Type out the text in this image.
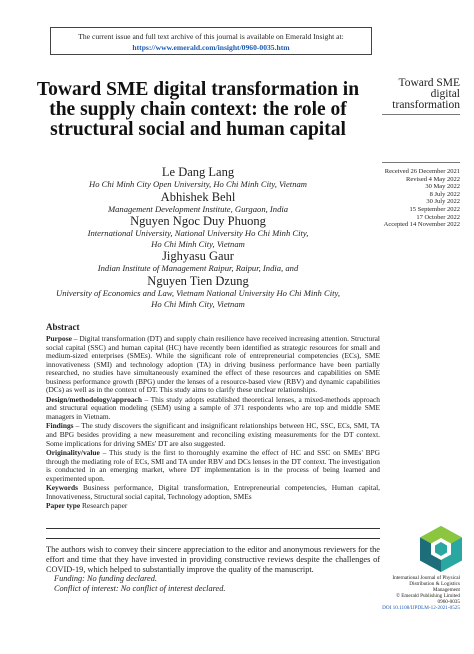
The current issue and full text archive of this journal is available on Emerald Insight at:
https://www.emerald.com/insight/0960-0035.htm
Toward SME digital transformation in the supply chain context: the role of structural social and human capital
Le Dang Lang
Ho Chi Minh City Open University, Ho Chi Minh City, Vietnam
Abhishek Behl
Management Development Institute, Gurgaon, India
Nguyen Ngoc Duy Phuong
International University, National University Ho Chi Minh City,
Ho Chi Minh City, Vietnam
Jighyasu Gaur
Indian Institute of Management Raipur, Raipur, India, and
Nguyen Tien Dzung
University of Economics and Law, Vietnam National University Ho Chi Minh City,
Ho Chi Minh City, Vietnam
Toward SME
digital
transformation
Received 26 December 2021
Revised 4 May 2022
30 May 2022
8 July 2022
30 July 2022
15 September 2022
17 October 2022
Accepted 14 November 2022
Abstract

Purpose – Digital transformation (DT) and supply chain resilience have received increasing attention. Structural social capital (SSC) and human capital (HC) have recently been identified as strategic resources for small and medium-sized enterprises (SMEs). While the significant role of entrepreneurial competencies (ECs), SME innovativeness (SMI) and technology adoption (TA) in driving business performance have been partially researched, no studies have simultaneously examined the effect of these resources and capabilities on SME business performance growth (BPG) under the lenses of a resource-based view (RBV) and dynamic capabilities (DCs) as well as in the context of DT. This study aims to clarify these unclear relationships.

Design/methodology/approach – This study adopts established theoretical lenses, a mixed-methods approach and structural equation modeling (SEM) using a sample of 371 respondents who are top and middle SME managers in Vietnam.

Findings – The study discovers the significant and insignificant relationships between HC, SSC, ECs, SMI, TA and BPG besides providing a new measurement and reconciling existing measurements for the DT context. Some implications for driving SMEs' DT are also suggested.

Originality/value – This study is the first to thoroughly examine the effect of HC and SSC on SMEs' BPG through the mediating role of ECs, SMI and TA under RBV and DCs lenses in the DT context. The investigation is conducted in an emerging market, where DT implementation is in the process of being learned and experimented upon.

Keywords Business performance, Digital transformation, Entrepreneurial competencies, Human capital, Innovativeness, Structural social capital, Technology adoption, SMEs

Paper type Research paper

The authors wish to convey their sincere appreciation to the editor and anonymous reviewers for the effort and time that they have invested in providing constructive reviews despite the challenges of COVID-19, which helped to substantially improve the quality of the manuscript.

Funding: No funding declared.

Conflict of interest: No conflict of interest declared.

International Journal of Physical
Distribution & Logistics
Management
© Emerald Publishing Limited
0960-0035
DOI 10.1108/IJPDLM-12-2021-0525
